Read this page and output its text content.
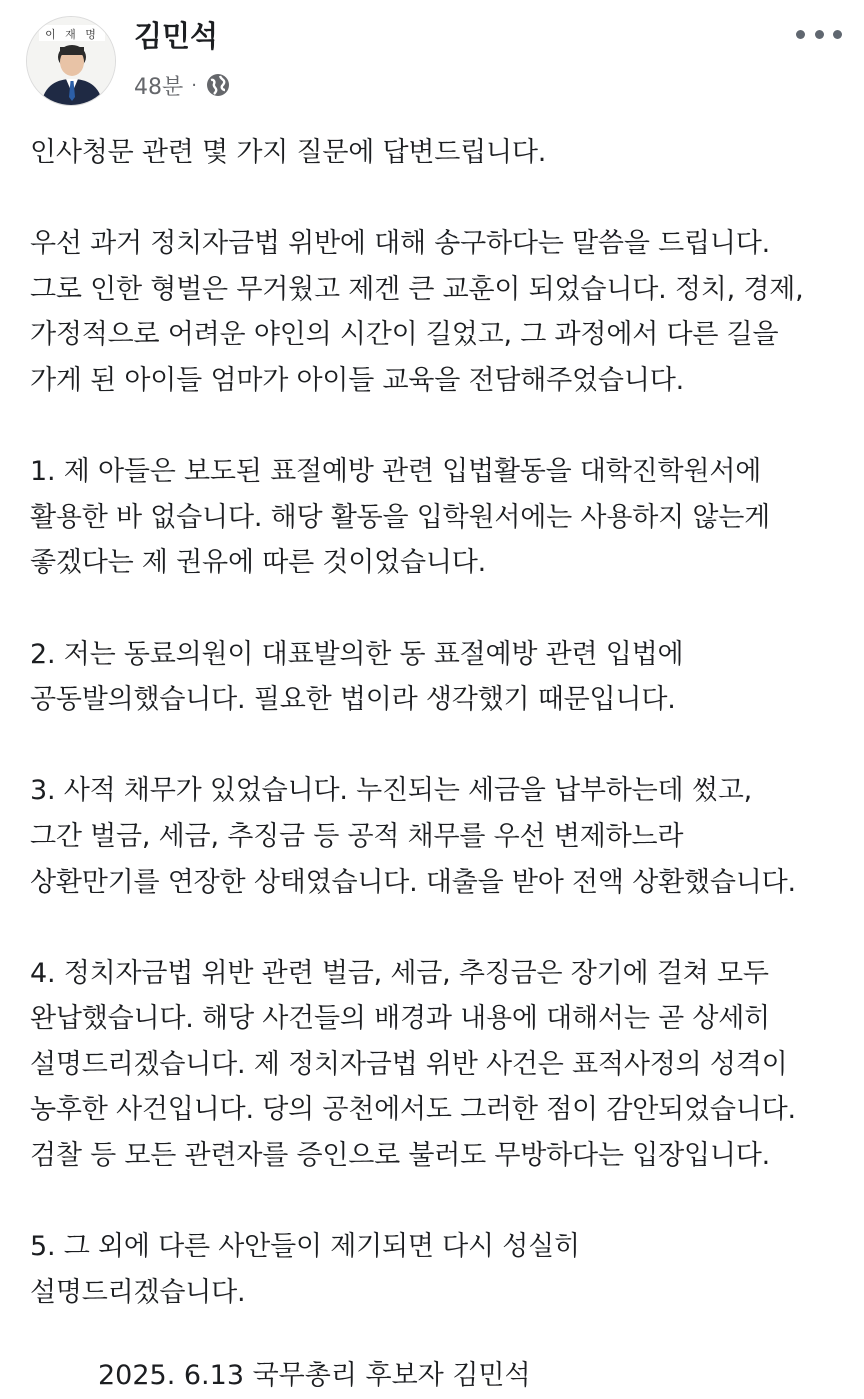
이 재 명 김민석
48분 ·

인사청문 관련 몇 가지 질문에 답변드립니다.

우선 과거 정치자금법 위반에 대해 송구하다는 말씀을 드립니다.
그로 인한 형벌은 무거웠고 제겐 큰 교훈이 되었습니다. 정치, 경제,
가정적으로 어려운 야인의 시간이 길었고, 그 과정에서 다른 길을
가게 된 아이들 엄마가 아이들 교육을 전담해주었습니다.

1. 제 아들은 보도된 표절예방 관련 입법활동을 대학진학원서에
활용한 바 없습니다. 해당 활동을 입학원서에는 사용하지 않는게
좋겠다는 제 권유에 따른 것이었습니다.

2. 저는 동료의원이 대표발의한 동 표절예방 관련 입법에
공동발의했습니다. 필요한 법이라 생각했기 때문입니다.

3. 사적 채무가 있었습니다. 누진되는 세금을 납부하는데 썼고,
그간 벌금, 세금, 추징금 등 공적 채무를 우선 변제하느라
상환만기를 연장한 상태였습니다. 대출을 받아 전액 상환했습니다.

4. 정치자금법 위반 관련 벌금, 세금, 추징금은 장기에 걸쳐 모두
완납했습니다. 해당 사건들의 배경과 내용에 대해서는 곧 상세히
설명드리겠습니다. 제 정치자금법 위반 사건은 표적사정의 성격이
농후한 사건입니다. 당의 공천에서도 그러한 점이 감안되었습니다.
검찰 등 모든 관련자를 증인으로 불러도 무방하다는 입장입니다.

5. 그 외에 다른 사안들이 제기되면 다시 성실히
설명드리겠습니다.

2025. 6.13 국무총리 후보자 김민석
